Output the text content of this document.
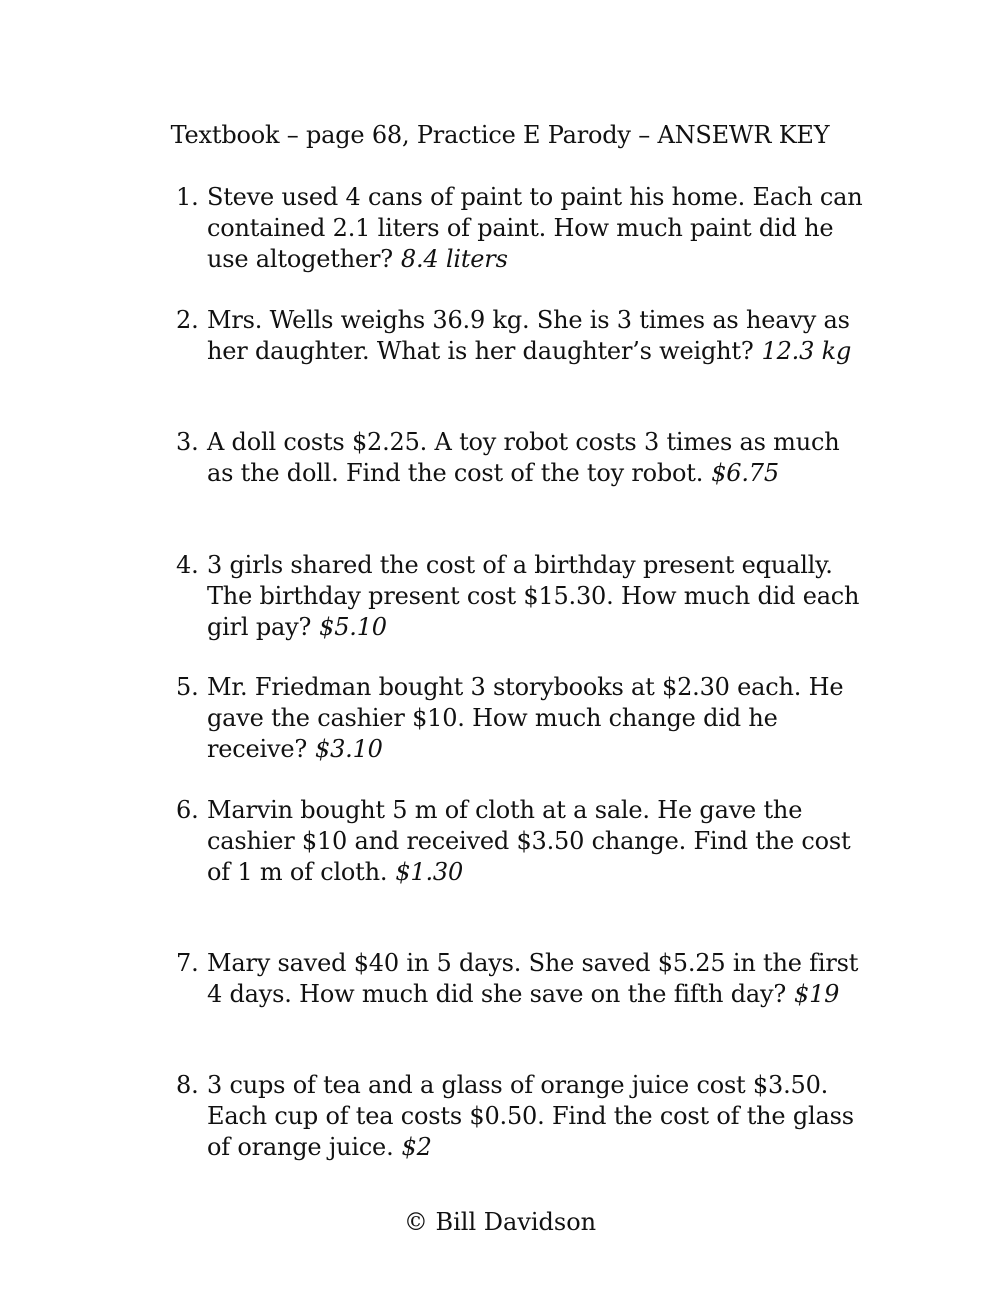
Textbook – page 68, Practice E Parody – ANSEWR KEY
1. Steve used 4 cans of paint to paint his home. Each can contained 2.1 liters of paint. How much paint did he use altogether? 8.4 liters
2. Mrs. Wells weighs 36.9 kg. She is 3 times as heavy as her daughter. What is her daughter’s weight? 12.3 kg
3. A doll costs $2.25. A toy robot costs 3 times as much as the doll. Find the cost of the toy robot. $6.75
4. 3 girls shared the cost of a birthday present equally. The birthday present cost $15.30. How much did each girl pay? $5.10
5. Mr. Friedman bought 3 storybooks at $2.30 each. He gave the cashier $10. How much change did he receive? $3.10
6. Marvin bought 5 m of cloth at a sale. He gave the cashier $10 and received $3.50 change. Find the cost of 1 m of cloth. $1.30
7. Mary saved $40 in 5 days. She saved $5.25 in the first 4 days. How much did she save on the fifth day? $19
8. 3 cups of tea and a glass of orange juice cost $3.50. Each cup of tea costs $0.50. Find the cost of the glass of orange juice. $2
© Bill Davidson
